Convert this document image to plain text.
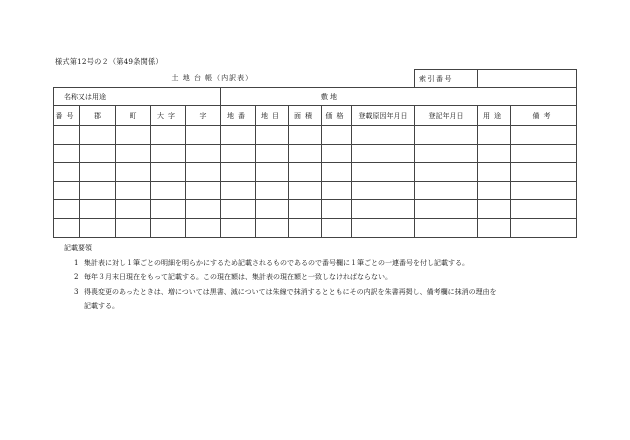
様式第12号の２（第49条関係）
土 地 台 帳（内訳表）										索引番号		
名称又は用途					敷地							
番号	郡	町	大字	字	地番	地目	面積	価格	登載原因年月日	登記年月日	用途	備考

記載要領
1 集計表に対し１筆ごとの明細を明らかにするため記載されるものであるので番号欄に１筆ごとの一連番号を付し記載する。
2 毎年３月末日現在をもって記載する。この現在額は、集計表の現在額と一致しなければならない。
3 得喪変更のあったときは、増については黒書、減については朱線で抹消するとともにその内訳を朱書再掲し、備考欄に抹消の理由を
記載する。
